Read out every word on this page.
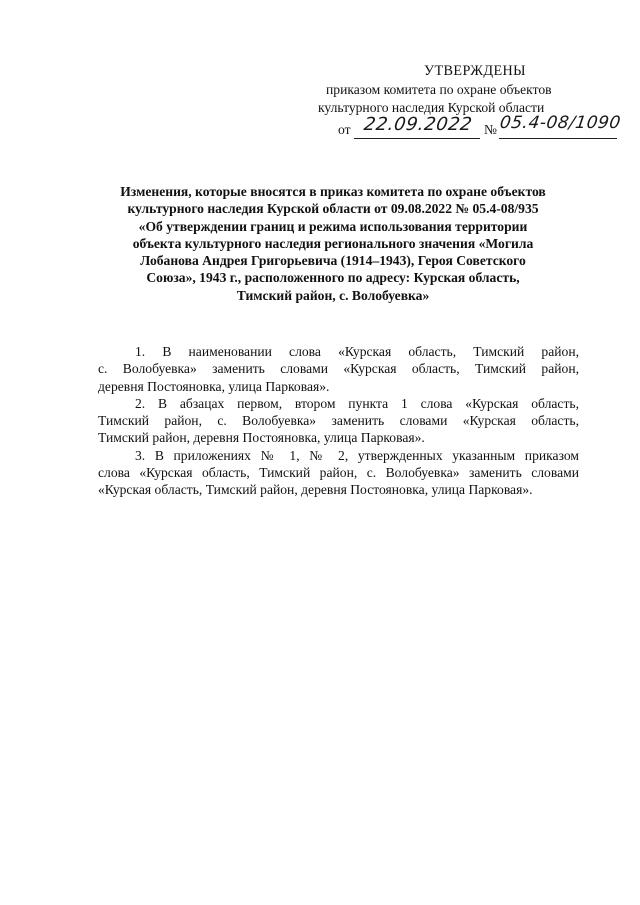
УТВЕРЖДЕНЫ
приказом комитета по охране объектов
культурного наследия Курской области
от 22.09.2022 № 05.4-08/1090
Изменения, которые вносятся в приказ комитета по охране объектов
культурного наследия Курской области от 09.08.2022 № 05.4-08/935
«Об утверждении границ и режима использования территории
объекта культурного наследия регионального значения «Могила
Лобанова Андрея Григорьевича (1914–1943), Героя Советского
Союза», 1943 г., расположенного по адресу: Курская область,
Тимский район, с. Волобуевка»
1. В наименовании слова «Курская область, Тимский район,
с. Волобуевка» заменить словами «Курская область, Тимский район,
деревня Постояновка, улица Парковая».
2. В абзацах первом, втором пункта 1 слова «Курская область,
Тимский район, с. Волобуевка» заменить словами «Курская область,
Тимский район, деревня Постояновка, улица Парковая».
3. В приложениях № 1, № 2, утвержденных указанным приказом
слова «Курская область, Тимский район, с. Волобуевка» заменить словами
«Курская область, Тимский район, деревня Постояновка, улица Парковая».
